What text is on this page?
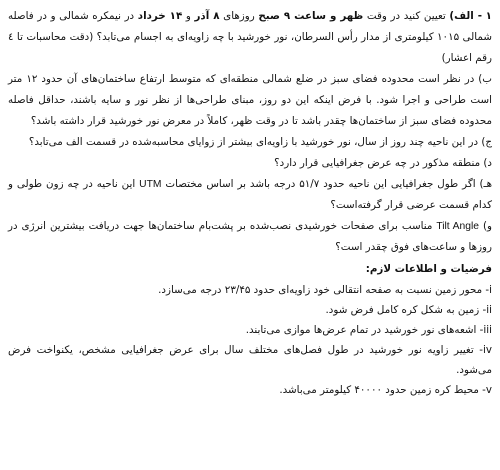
۱ - الف) تعیین کنید در وقت ظهر و ساعت ۹ صبح روزهای ۸ آذر و ۱۴ خرداد در نیمکره شمالی و در فاصله شمالی ۱۰۱۵ کیلومتری از مدار رأس السرطان، نور خورشید با چه زاویه‌ای به اجسام می‌تابد؟ (دقت محاسبات تا ٤ رقم اعشار)

ب) در نظر است محدوده فضای سبز در ضلع شمالی منطقه‌ای که متوسط ارتفاع ساختمان‌های آن حدود ۱۲ متر است طراحی و اجرا شود. با فرض اینکه این دو روز، مبنای طراحی‌ها از نظر نور و سایه باشند، حداقل فاصله محدوده فضای سبز از ساختمان‌ها چقدر باشد تا در وقت ظهر، کاملاً در معرض نور خورشید قرار داشته باشد؟

ج) در این ناحیه چند روز از سال، نور خورشید با زاویه‌ای بیشتر از زوایای محاسبه‌شده در قسمت الف می‌تابد؟

د) منطقه مذکور در چه عرض جغرافیایی قرار دارد؟

هـ) اگر طول جغرافیایی این ناحیه حدود ۵۱/۷ درجه باشد بر اساس مختصات UTM این ناحیه در چه زون طولی و کدام قسمت عرضی قرار گرفته‌است؟

و) Tilt Angle مناسب برای صفحات خورشیدی نصب‌شده بر پشت‌بام ساختمان‌ها جهت دریافت بیشترین انرژی در روزها و ساعت‌های فوق چقدر است؟

فرضیات و اطلاعات لازم:

i- محور زمین نسبت به صفحه انتقالی خود زاویه‌ای حدود ۲۳/۴۵ درجه می‌سازد.
ii- زمین به شکل کره کامل فرض شود.
iii- اشعه‌های نور خورشید در تمام عرض‌ها موازی می‌تابند.
iv- تغییر زاویه نور خورشید در طول فصل‌های مختلف سال برای عرض جغرافیایی مشخص، یکنواخت فرض می‌شود.
v- محیط کره زمین حدود ۴۰۰۰۰ کیلومتر می‌باشد.
